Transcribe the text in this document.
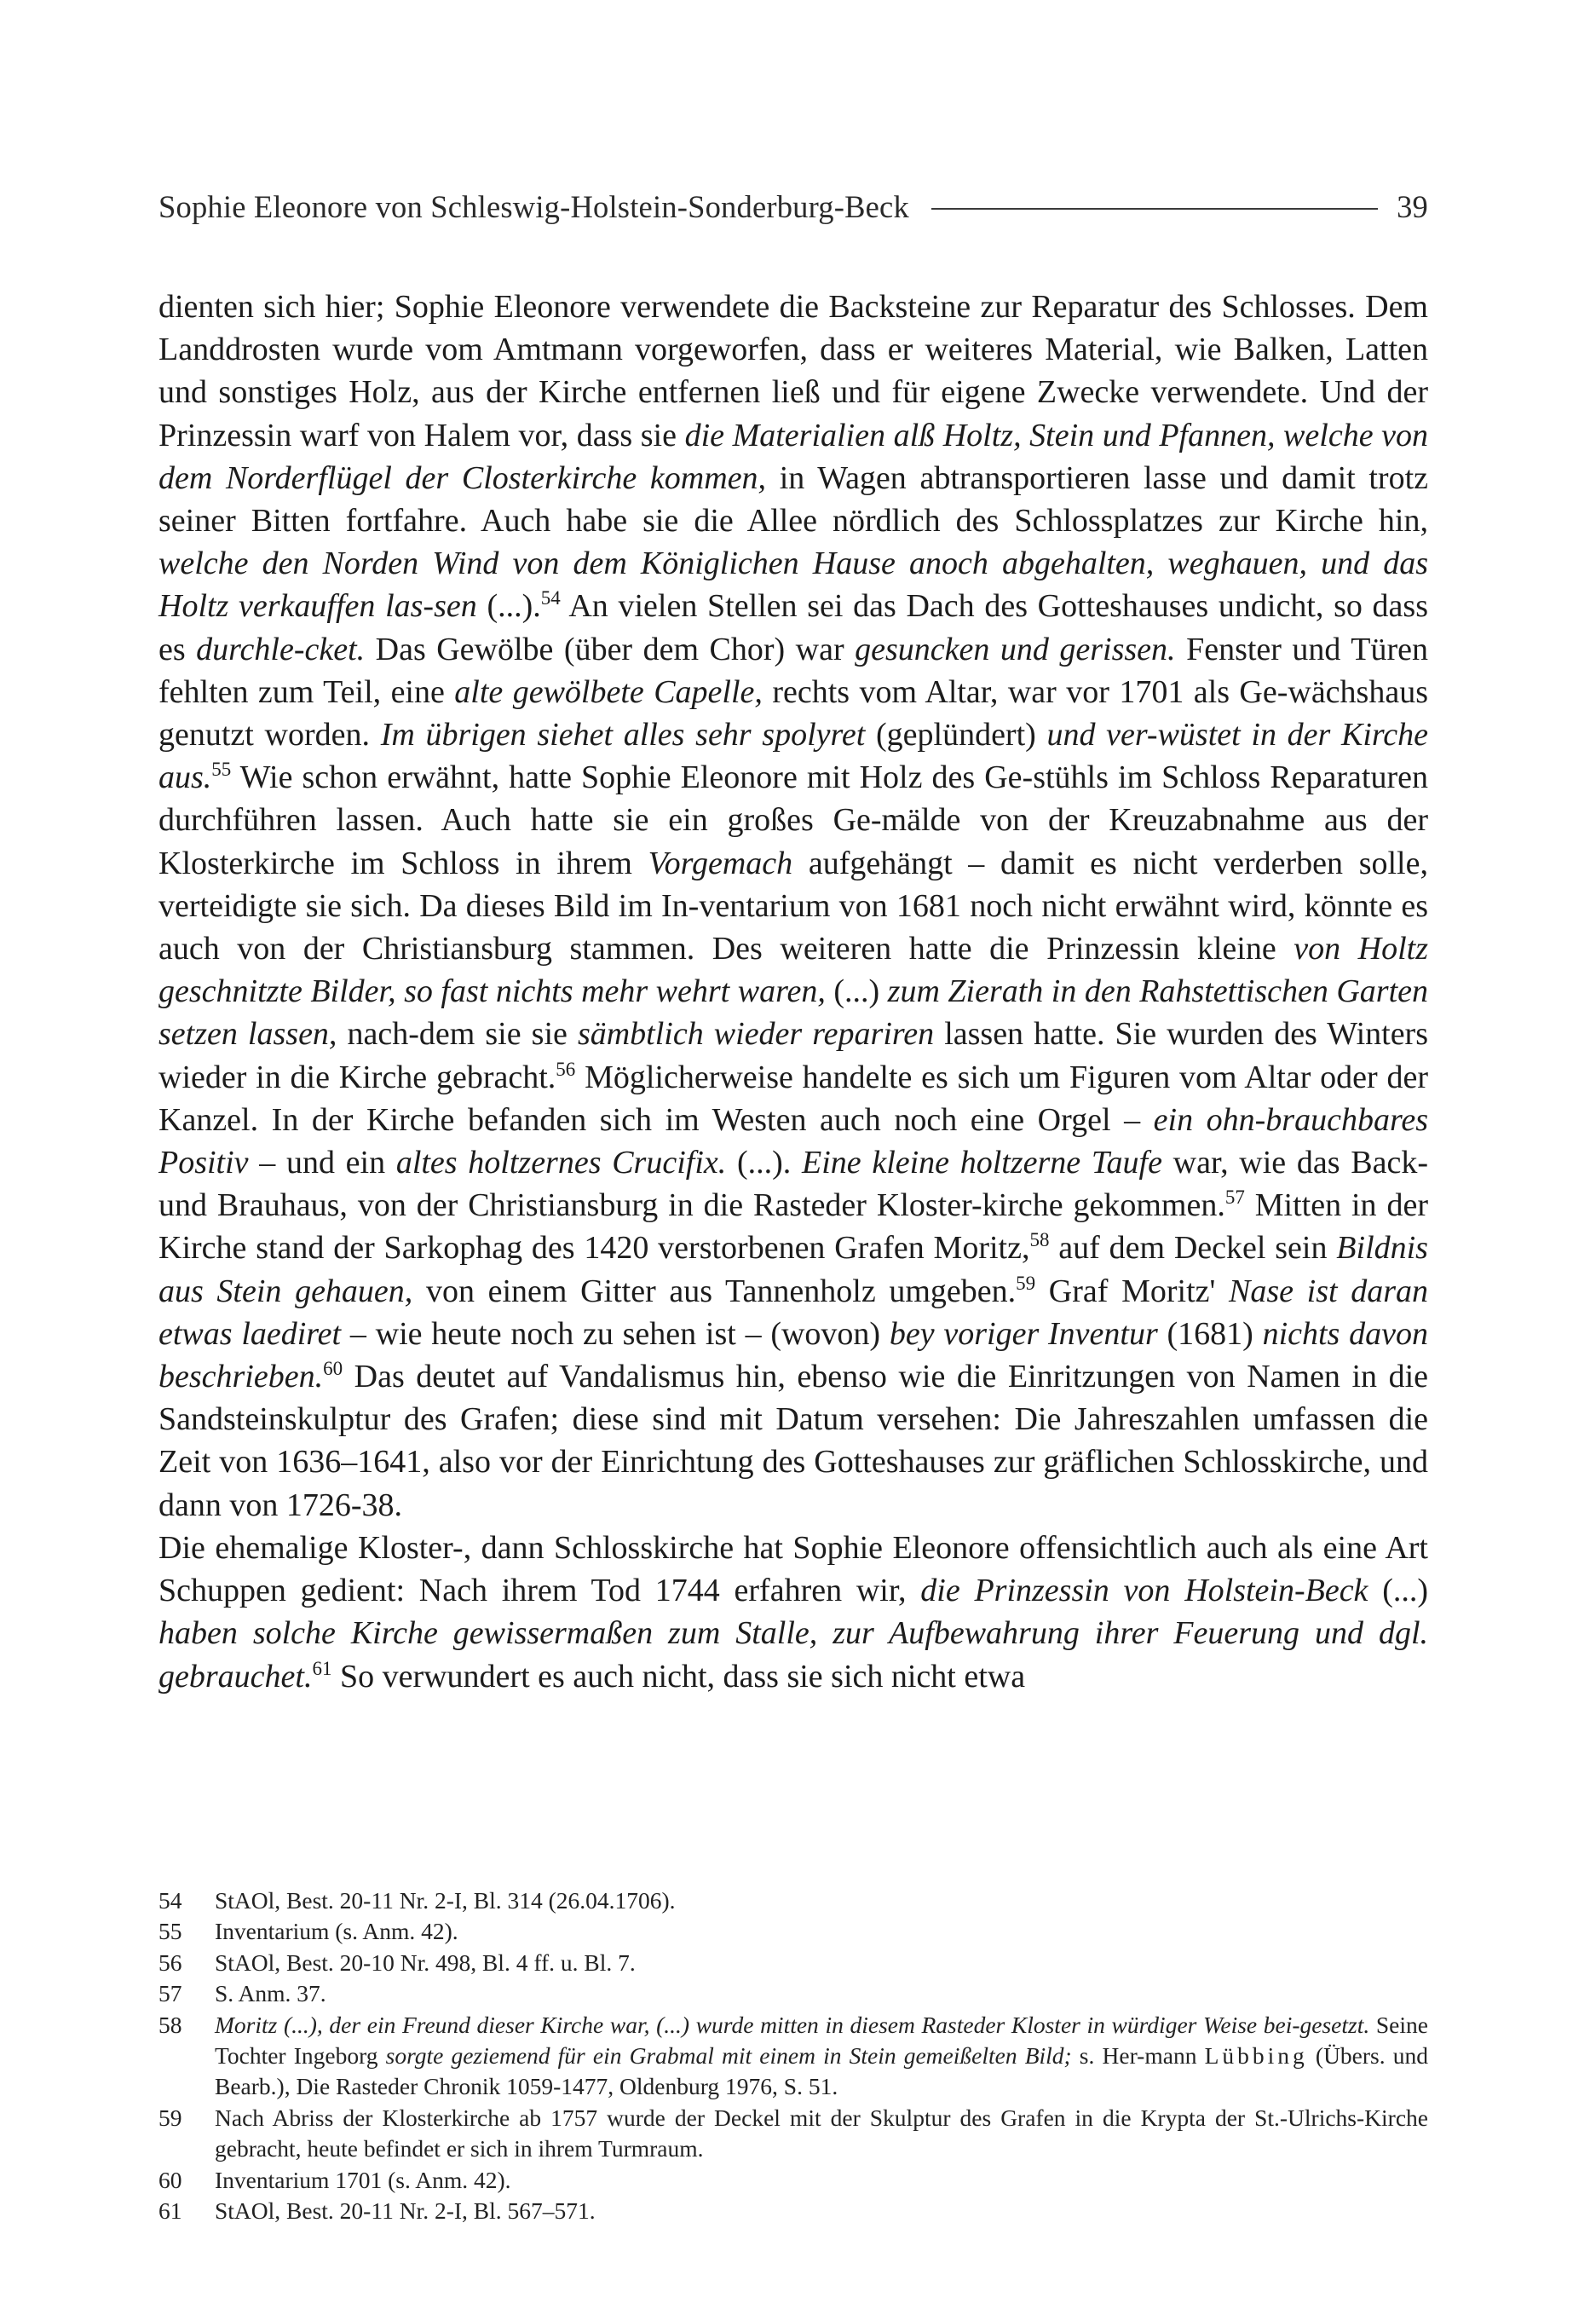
Sophie Eleonore von Schleswig-Holstein-Sonderburg-Beck	39

dienten sich hier; Sophie Eleonore verwendete die Backsteine zur Reparatur des Schlosses. Dem Landdrosten wurde vom Amtmann vorgeworfen, dass er weiteres Material, wie Balken, Latten und sonstiges Holz, aus der Kirche entfernen ließ und für eigene Zwecke verwendete. Und der Prinzessin warf von Halem vor, dass sie die Materialien alß Holtz, Stein und Pfannen, welche von dem Norderflügel der Closterkirche kommen, in Wagen abtransportieren lasse und damit trotz seiner Bitten fortfahre. Auch habe sie die Allee nördlich des Schlossplatzes zur Kirche hin, welche den Norden Wind von dem Königlichen Hause anoch abgehalten, weghauen, und das Holtz verkauffen las-sen (...).$^{54}$ An vielen Stellen sei das Dach des Gotteshauses undicht, so dass es durchle-cket. Das Gewölbe (über dem Chor) war gesuncken und gerissen. Fenster und Türen fehlten zum Teil, eine alte gewölbete Capelle, rechts vom Altar, war vor 1701 als Ge-wächshaus genutzt worden. Im übrigen siehet alles sehr spolyret (geplündert) und ver-wüstet in der Kirche aus.$^{55}$ Wie schon erwähnt, hatte Sophie Eleonore mit Holz des Ge-stühls im Schloss Reparaturen durchführen lassen. Auch hatte sie ein großes Ge-mälde von der Kreuzabnahme aus der Klosterkirche im Schloss in ihrem Vorgemach aufgehängt – damit es nicht verderben solle, verteidigte sie sich. Da dieses Bild im In-ventarium von 1681 noch nicht erwähnt wird, könnte es auch von der Christiansburg stammen. Des weiteren hatte die Prinzessin kleine von Holtz geschnitzte Bilder, so fast nichts mehr wehrt waren, (...) zum Zierath in den Rahstettischen Garten setzen lassen, nach-dem sie sie sämbtlich wieder repariren lassen hatte. Sie wurden des Winters wieder in die Kirche gebracht.$^{56}$ Möglicherweise handelte es sich um Figuren vom Altar oder der Kanzel. In der Kirche befanden sich im Westen auch noch eine Orgel – ein ohn-brauchbares Positiv – und ein altes holtzernes Crucifix. (...). Eine kleine holtzerne Taufe war, wie das Back- und Brauhaus, von der Christiansburg in die Rasteder Kloster-kirche gekommen.$^{57}$ Mitten in der Kirche stand der Sarkophag des 1420 verstorbenen Grafen Moritz,$^{58}$ auf dem Deckel sein Bildnis aus Stein gehauen, von einem Gitter aus Tannenholz umgeben.$^{59}$ Graf Moritz' Nase ist daran etwas laediret – wie heute noch zu sehen ist – (wovon) bey voriger Inventur (1681) nichts davon beschrieben.$^{60}$ Das deutet auf Vandalismus hin, ebenso wie die Einritzungen von Namen in die Sandsteinskulptur des Grafen; diese sind mit Datum versehen: Die Jahreszahlen umfassen die Zeit von 1636–1641, also vor der Einrichtung des Gotteshauses zur gräflichen Schlosskirche, und dann von 1726-38.

Die ehemalige Kloster-, dann Schlosskirche hat Sophie Eleonore offensichtlich auch als eine Art Schuppen gedient: Nach ihrem Tod 1744 erfahren wir, die Prinzessin von Holstein-Beck (...) haben solche Kirche gewissermaßen zum Stalle, zur Aufbewahrung ihrer Feuerung und dgl. gebrauchet.$^{61}$ So verwundert es auch nicht, dass sie sich nicht etwa

54	StAOl, Best. 20-11 Nr. 2-I, Bl. 314 (26.04.1706).
55	Inventarium (s. Anm. 42).
56	StAOl, Best. 20-10 Nr. 498, Bl. 4 ff. u. Bl. 7.
57	S. Anm. 37.
58	Moritz (...), der ein Freund dieser Kirche war, (...) wurde mitten in diesem Rasteder Kloster in würdiger Weise bei-gesetzt. Seine Tochter Ingeborg sorgte geziemend für ein Grabmal mit einem in Stein gemeißelten Bild; s. Her-mann Lübbing (Übers. und Bearb.), Die Rasteder Chronik 1059-1477, Oldenburg 1976, S. 51.
59	Nach Abriss der Klosterkirche ab 1757 wurde der Deckel mit der Skulptur des Grafen in die Krypta der St.-Ulrichs-Kirche gebracht, heute befindet er sich in ihrem Turmraum.
60	Inventarium 1701 (s. Anm. 42).
61	StAOl, Best. 20-11 Nr. 2-I, Bl. 567–571.
